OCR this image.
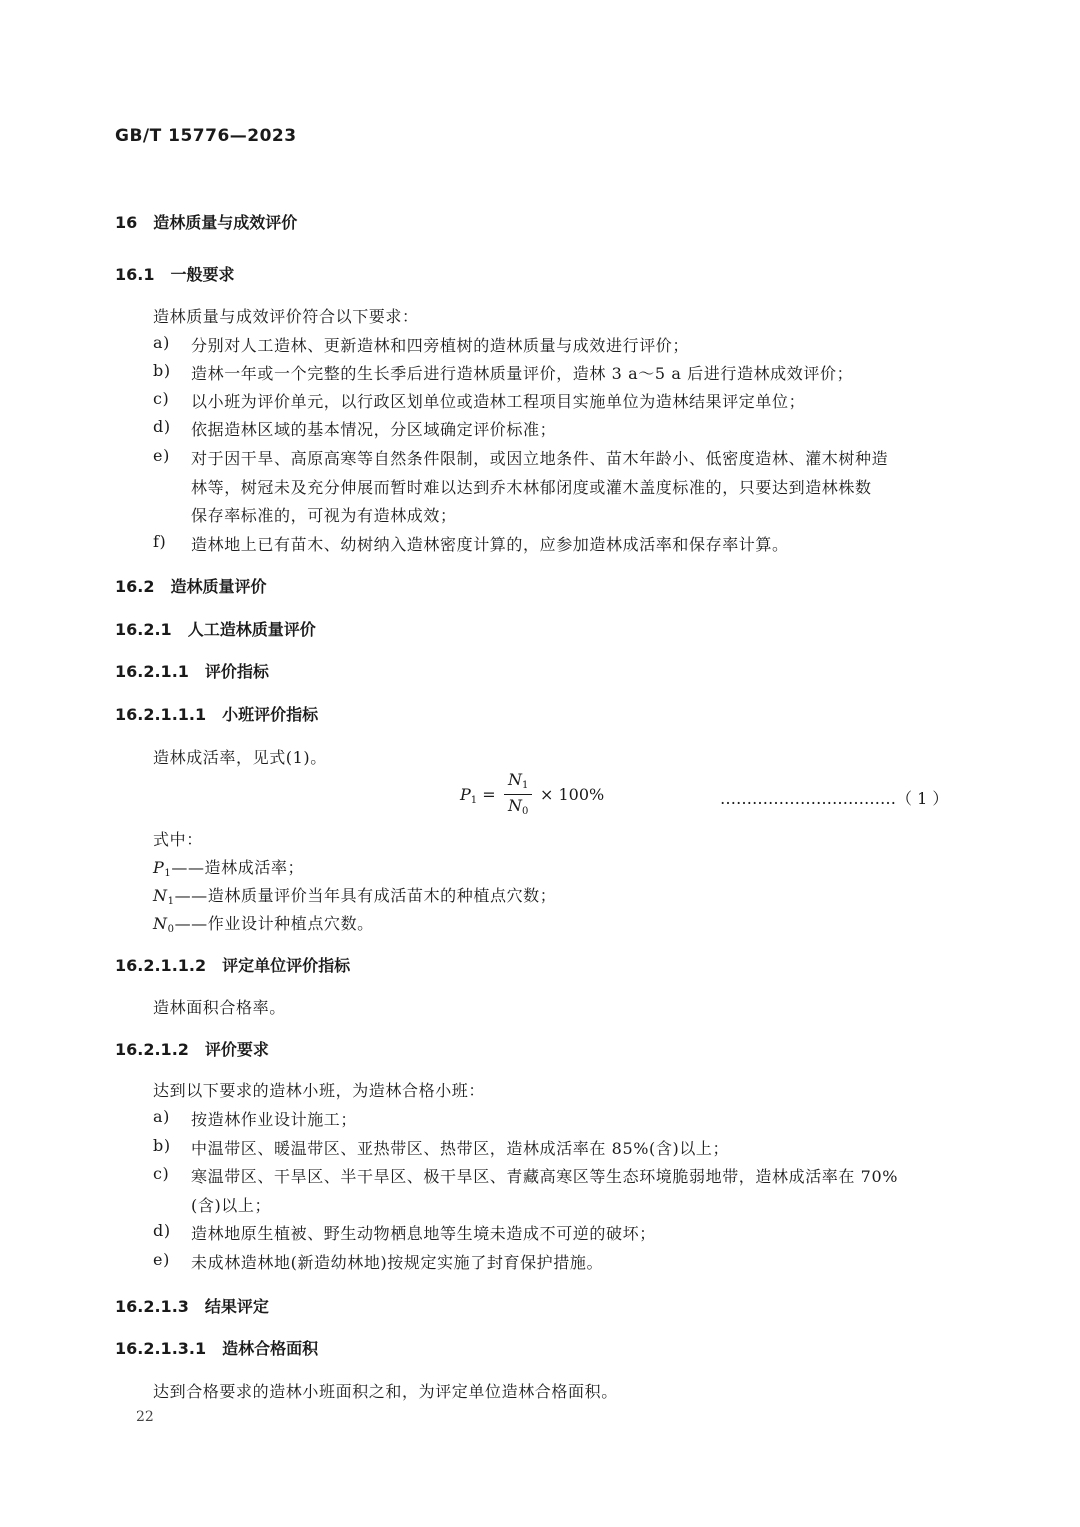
GB/T 15776—2023
16 造林质量与成效评价
16.1 一般要求
造林质量与成效评价符合以下要求：
a) 分别对人工造林、更新造林和四旁植树的造林质量与成效进行评价；
b) 造林一年或一个完整的生长季后进行造林质量评价，造林 3 a～5 a 后进行造林成效评价；
c) 以小班为评价单元，以行政区划单位或造林工程项目实施单位为造林结果评定单位；
d) 依据造林区域的基本情况，分区域确定评价标准；
e) 对于因干旱、高原高寒等自然条件限制，或因立地条件、苗木年龄小、低密度造林、灌木树种造
林等，树冠未及充分伸展而暂时难以达到乔木林郁闭度或灌木盖度标准的，只要达到造林株数
保存率标准的，可视为有造林成效；
f) 造林地上已有苗木、幼树纳入造林密度计算的，应参加造林成活率和保存率计算。
16.2 造林质量评价
16.2.1 人工造林质量评价
16.2.1.1 评价指标
16.2.1.1.1 小班评价指标
造林成活率，见式(1)。
$P_1$ =
$N_1$
$N_0$
× 100%	……………………………（ 1 ）
式中：
$P_1——$造林成活率；
$N_1——$造林质量评价当年具有成活苗木的种植点穴数；
$N_0——$作业设计种植点穴数。
16.2.1.1.2 评定单位评价指标
造林面积合格率。
16.2.1.2 评价要求
达到以下要求的造林小班，为造林合格小班：
a) 按造林作业设计施工；
b) 中温带区、暖温带区、亚热带区、热带区，造林成活率在 85%(含)以上；
c) 寒温带区、干旱区、半干旱区、极干旱区、青藏高寒区等生态环境脆弱地带，造林成活率在 70%
(含)以上；
d) 造林地原生植被、野生动物栖息地等生境未造成不可逆的破坏；
e) 未成林造林地(新造幼林地)按规定实施了封育保护措施。
16.2.1.3 结果评定
16.2.1.3.1 造林合格面积
达到合格要求的造林小班面积之和，为评定单位造林合格面积。
22
